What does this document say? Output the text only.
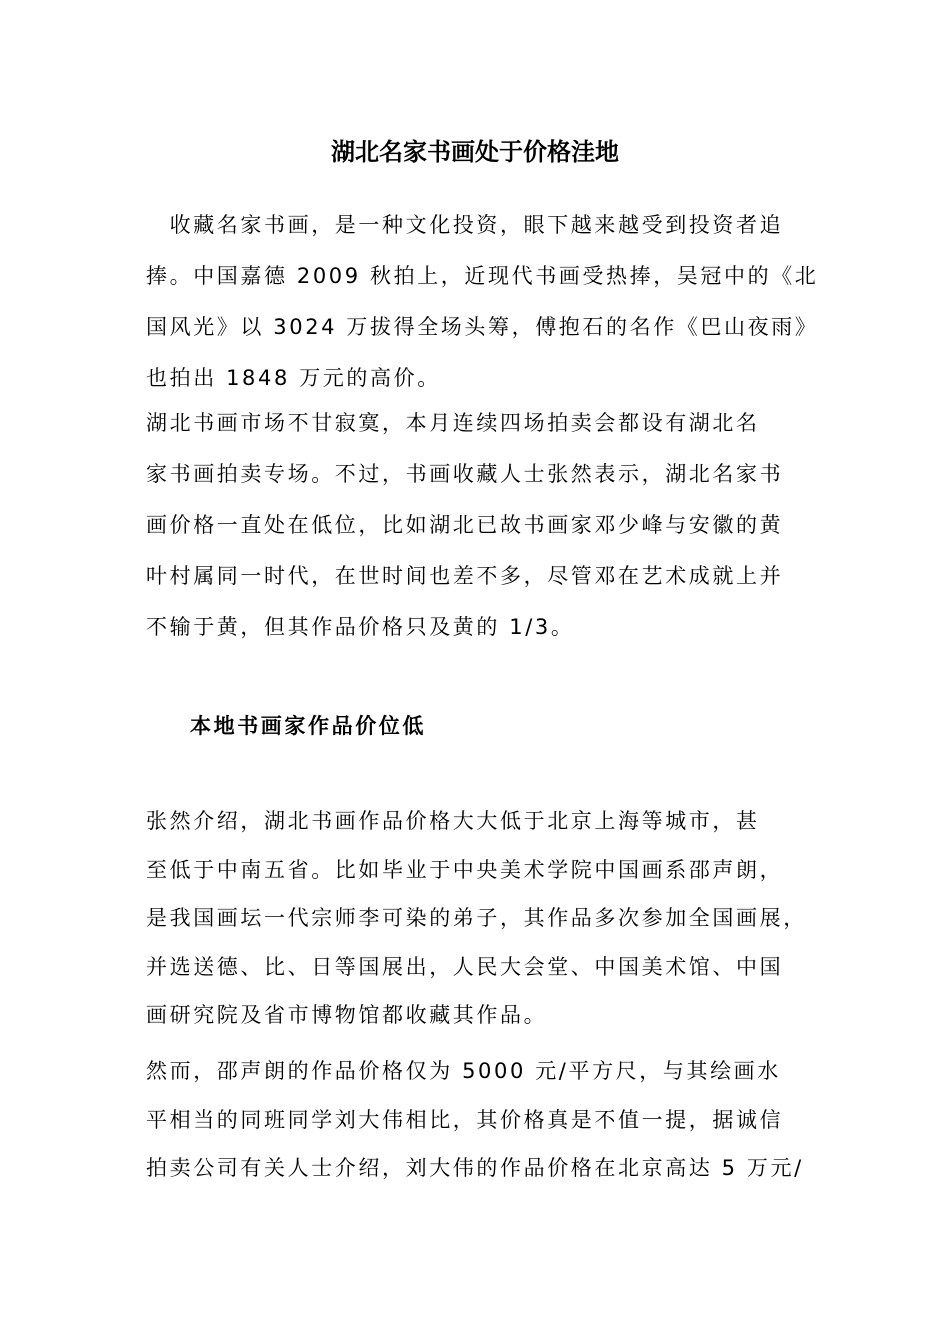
湖北名家书画处于价格洼地
　收藏名家书画，是一种文化投资，眼下越来越受到投资者追
捧。中国嘉德 2009 秋拍上，近现代书画受热捧，吴冠中的《北
国风光》以 3024 万拔得全场头筹，傅抱石的名作《巴山夜雨》
也拍出 1848 万元的高价。
湖北书画市场不甘寂寞，本月连续四场拍卖会都设有湖北名
家书画拍卖专场。不过，书画收藏人士张然表示，湖北名家书
画价格一直处在低位，比如湖北已故书画家邓少峰与安徽的黄
叶村属同一时代，在世时间也差不多，尽管邓在艺术成就上并
不输于黄，但其作品价格只及黄的 1/3。
本地书画家作品价位低
张然介绍，湖北书画作品价格大大低于北京上海等城市，甚
至低于中南五省。比如毕业于中央美术学院中国画系邵声朗，
是我国画坛一代宗师李可染的弟子，其作品多次参加全国画展，
并选送德、比、日等国展出，人民大会堂、中国美术馆、中国
画研究院及省市博物馆都收藏其作品。
然而，邵声朗的作品价格仅为 5000 元/平方尺，与其绘画水
平相当的同班同学刘大伟相比，其价格真是不值一提，据诚信
拍卖公司有关人士介绍，刘大伟的作品价格在北京高达 5 万元/
